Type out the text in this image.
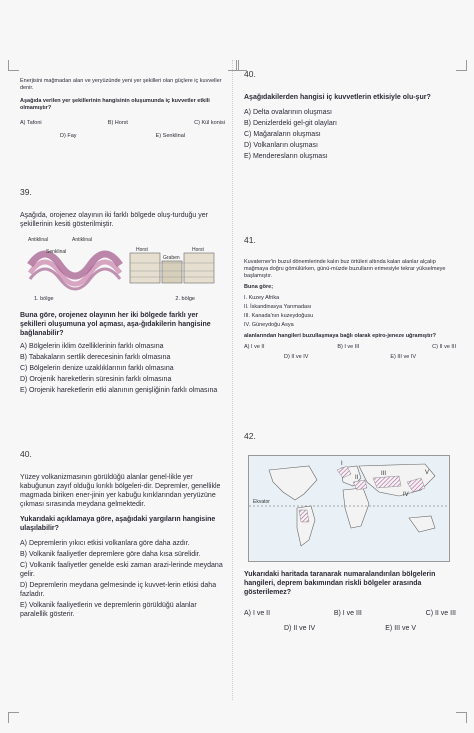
Enerjisini mağmadan alan ve yeryüzünde yeni yer şekilleri olan güçlere iç kuvveller denir.
Aşağıda verilen yer şekillerinin hangisinin oluşumunda iç kuvvetler etkili olmamıştır?
A) Tafoni	B) Horst	C) Kül konisi
D) Fay	E) Senklinal
39.
Aşağıda, orojenez olayının iki farklı bölgede oluş-turduğu yer şekillerinin kesiti gösterilmiştir.
Antiklinal	Antiklinal
Senklinal	Horst	Horst
Graben
1. bölge	2. bölge
Buna göre, orojenez olayının her iki bölgede farklı yer şekilleri oluşumuna yol açması, aşa-ğıdakilerin hangisine bağlanabilir?
A) Bölgelerin iklim özelliklerinin farklı olmasına
B) Tabakaların sertlik derecesinin farklı olmasına
C) Bölgelerin denize uzaklıklarının farklı olmasına
D) Orojenik hareketlerin süresinin farklı olmasına
E) Orojenik hareketlerin etki alanının genişliğinin farklı olmasına
40.
Yüzey volkanizmasının görüldüğü alanlar genel-likle yer kabuğunun zayıf olduğu kırıklı bölgeleri-dir. Depremler, genellikle magmada biriken ener-jinin yer kabuğu kırıklarından yeryüzüne çıkması sırasında meydana gelmektedir.
Yukarıdaki açıklamaya göre, aşağıdaki yargıların hangisine ulaşılabilir?
A) Depremlerin yıkıcı etkisi volkanlara göre daha azdır.
B) Volkanik faaliyetler depremlere göre daha kısa sürelidir.
C) Volkanik faaliyetler genelde eski zaman arazi-lerinde meydana gelir.
D) Depremlerin meydana gelmesinde iç kuvvet-lerin etkisi daha fazladır.
E) Volkanik faaliyetlerin ve depremlerin görüldüğü alanlar paralellik gösterir.
40.
Aşağıdakilerden hangisi iç kuvvetlerin etkisiyle olu-şur?
A) Delta ovalarının oluşması
B) Denizlerdeki gel-git olayları
C) Mağaraların oluşması
D) Volkanların oluşması
E) Menderesların oluşması
41.
Kuvaterner'in buzul dönemlerinde kalın buz örtüleri altında kalan alanlar alçalıp mağmaya doğru gömülürken, günü-müzde buzulların erimesiyle tekrar yükselmeye başlamıştır.
Buna göre;
I. Kuzey Afrika
II. İskandinavya Yarımadası
III. Kanada'nın kuzeydoğusu
IV. Güneydoğu Asya
alanlarından hangileri buzullaşmaya bağlı olarak epiro-jeneze uğramıştır?
A) I ve II	B) I ve III	C) II ve III
D) II ve IV	E) III ve IV
42.
Ekvator
I
II
III
IV
V
Yukarıdaki haritada taranarak numaralandırılan bölgelerin hangileri, deprem bakımından riskli bölgeler arasında gösterilemez?
A) I ve II	B) I ve III	C) II ve III
D) II ve IV	E) III ve V
